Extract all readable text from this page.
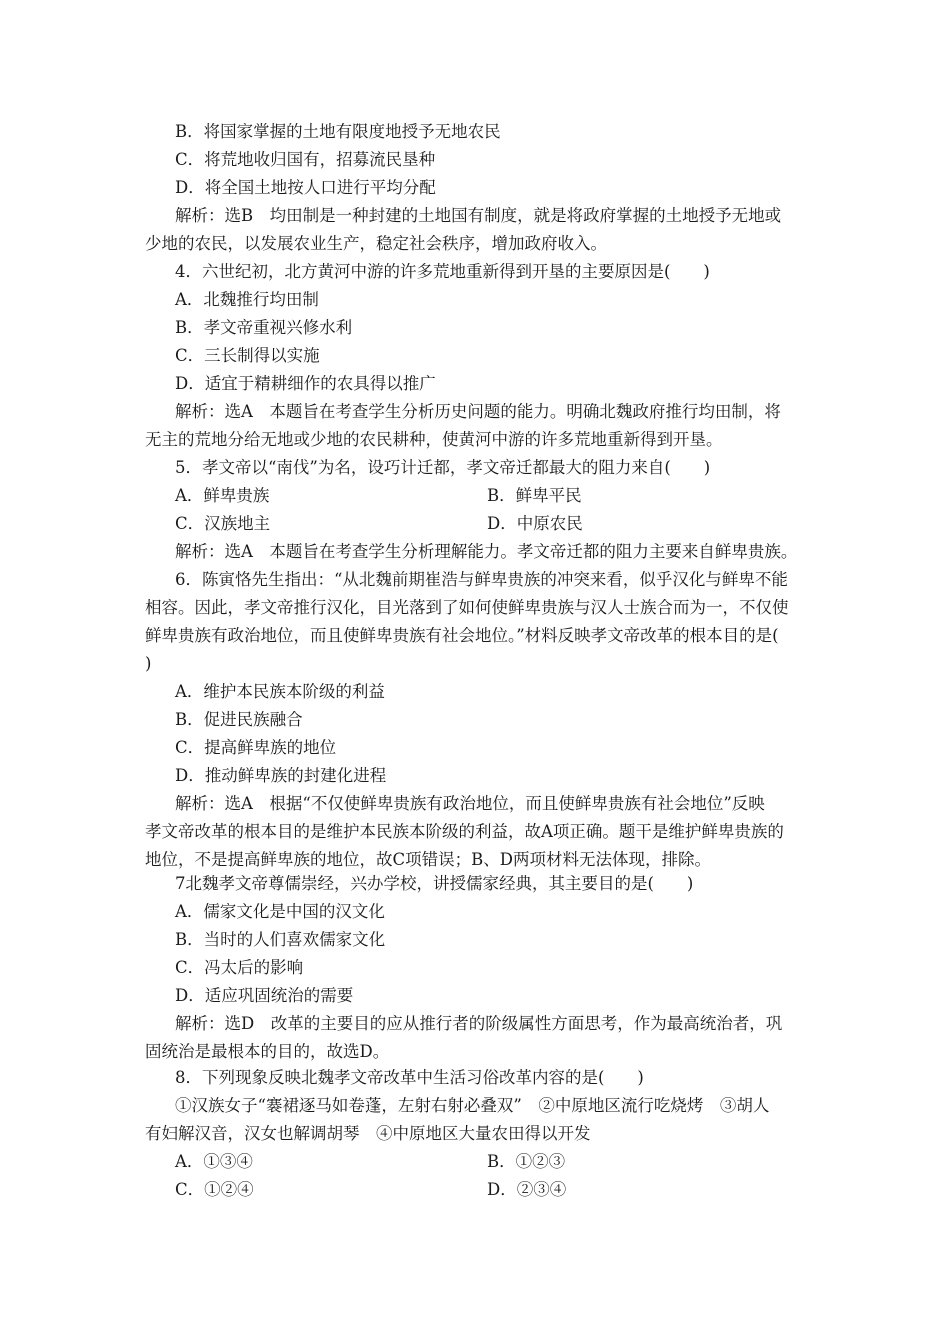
B．将国家掌握的土地有限度地授予无地农民
C．将荒地收归国有，招募流民垦种
D．将全国土地按人口进行平均分配
解析：选B　均田制是一种封建的土地国有制度，就是将政府掌握的土地授予无地或
少地的农民，以发展农业生产，稳定社会秩序，增加政府收入。
4．六世纪初，北方黄河中游的许多荒地重新得到开垦的主要原因是(　　)
A．北魏推行均田制
B．孝文帝重视兴修水利
C．三长制得以实施
D．适宜于精耕细作的农具得以推广
解析：选A　本题旨在考查学生分析历史问题的能力。明确北魏政府推行均田制，将
无主的荒地分给无地或少地的农民耕种，使黄河中游的许多荒地重新得到开垦。
5．孝文帝以“南伐”为名，设巧计迁都，孝文帝迁都最大的阻力来自(　　)
A．鲜卑贵族	B．鲜卑平民
C．汉族地主	D．中原农民
解析：选A　本题旨在考查学生分析理解能力。孝文帝迁都的阻力主要来自鲜卑贵族。
6．陈寅恪先生指出：“从北魏前期崔浩与鲜卑贵族的冲突来看，似乎汉化与鲜卑不能
相容。因此，孝文帝推行汉化，目光落到了如何使鲜卑贵族与汉人士族合而为一，不仅使
鲜卑贵族有政治地位，而且使鲜卑贵族有社会地位。”材料反映孝文帝改革的根本目的是(
)
A．维护本民族本阶级的利益
B．促进民族融合
C．提高鲜卑族的地位
D．推动鲜卑族的封建化进程
解析：选A　根据“不仅使鲜卑贵族有政治地位，而且使鲜卑贵族有社会地位”反映
孝文帝改革的根本目的是维护本民族本阶级的利益，故A项正确。题干是维护鲜卑贵族的
地位，不是提高鲜卑族的地位，故C项错误；B、D两项材料无法体现，排除。
7北魏孝文帝尊儒崇经，兴办学校，讲授儒家经典，其主要目的是(　　)
A．儒家文化是中国的汉文化
B．当时的人们喜欢儒家文化
C．冯太后的影响
D．适应巩固统治的需要
解析：选D　改革的主要目的应从推行者的阶级属性方面思考，作为最高统治者，巩
固统治是最根本的目的，故选D。
8．下列现象反映北魏孝文帝改革中生活习俗改革内容的是(　　)
①汉族女子“褰裙逐马如卷蓬，左射右射必叠双”　②中原地区流行吃烧烤　③胡人
有妇解汉音，汉女也解调胡琴　④中原地区大量农田得以开发
A．①③④	B．①②③
C．①②④	D．②③④
